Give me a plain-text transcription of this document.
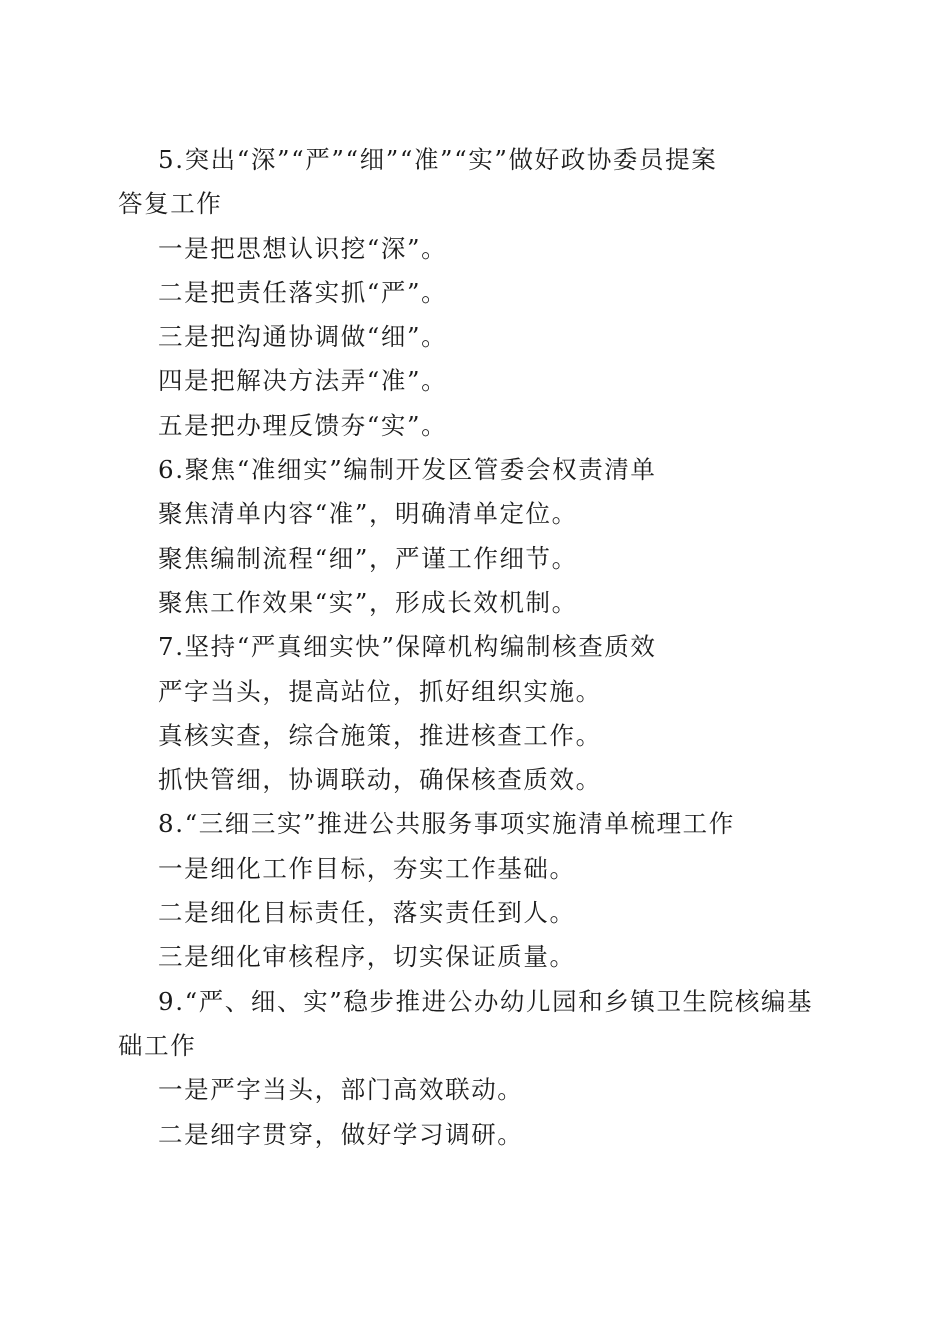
5.突出“深”“严”“细”“准”“实”做好政协委员提案
答复工作
一是把思想认识挖“深”。
二是把责任落实抓“严”。
三是把沟通协调做“细”。
四是把解决方法弄“准”。
五是把办理反馈夯“实”。
6.聚焦“准细实”编制开发区管委会权责清单
聚焦清单内容“准”，明确清单定位。
聚焦编制流程“细”，严谨工作细节。
聚焦工作效果“实”，形成长效机制。
7.坚持“严真细实快”保障机构编制核查质效
严字当头，提高站位，抓好组织实施。
真核实查，综合施策，推进核查工作。
抓快管细，协调联动，确保核查质效。
8.“三细三实”推进公共服务事项实施清单梳理工作
一是细化工作目标，夯实工作基础。
二是细化目标责任，落实责任到人。
三是细化审核程序，切实保证质量。
9.“严、细、实”稳步推进公办幼儿园和乡镇卫生院核编基
础工作
一是严字当头，部门高效联动。
二是细字贯穿，做好学习调研。
